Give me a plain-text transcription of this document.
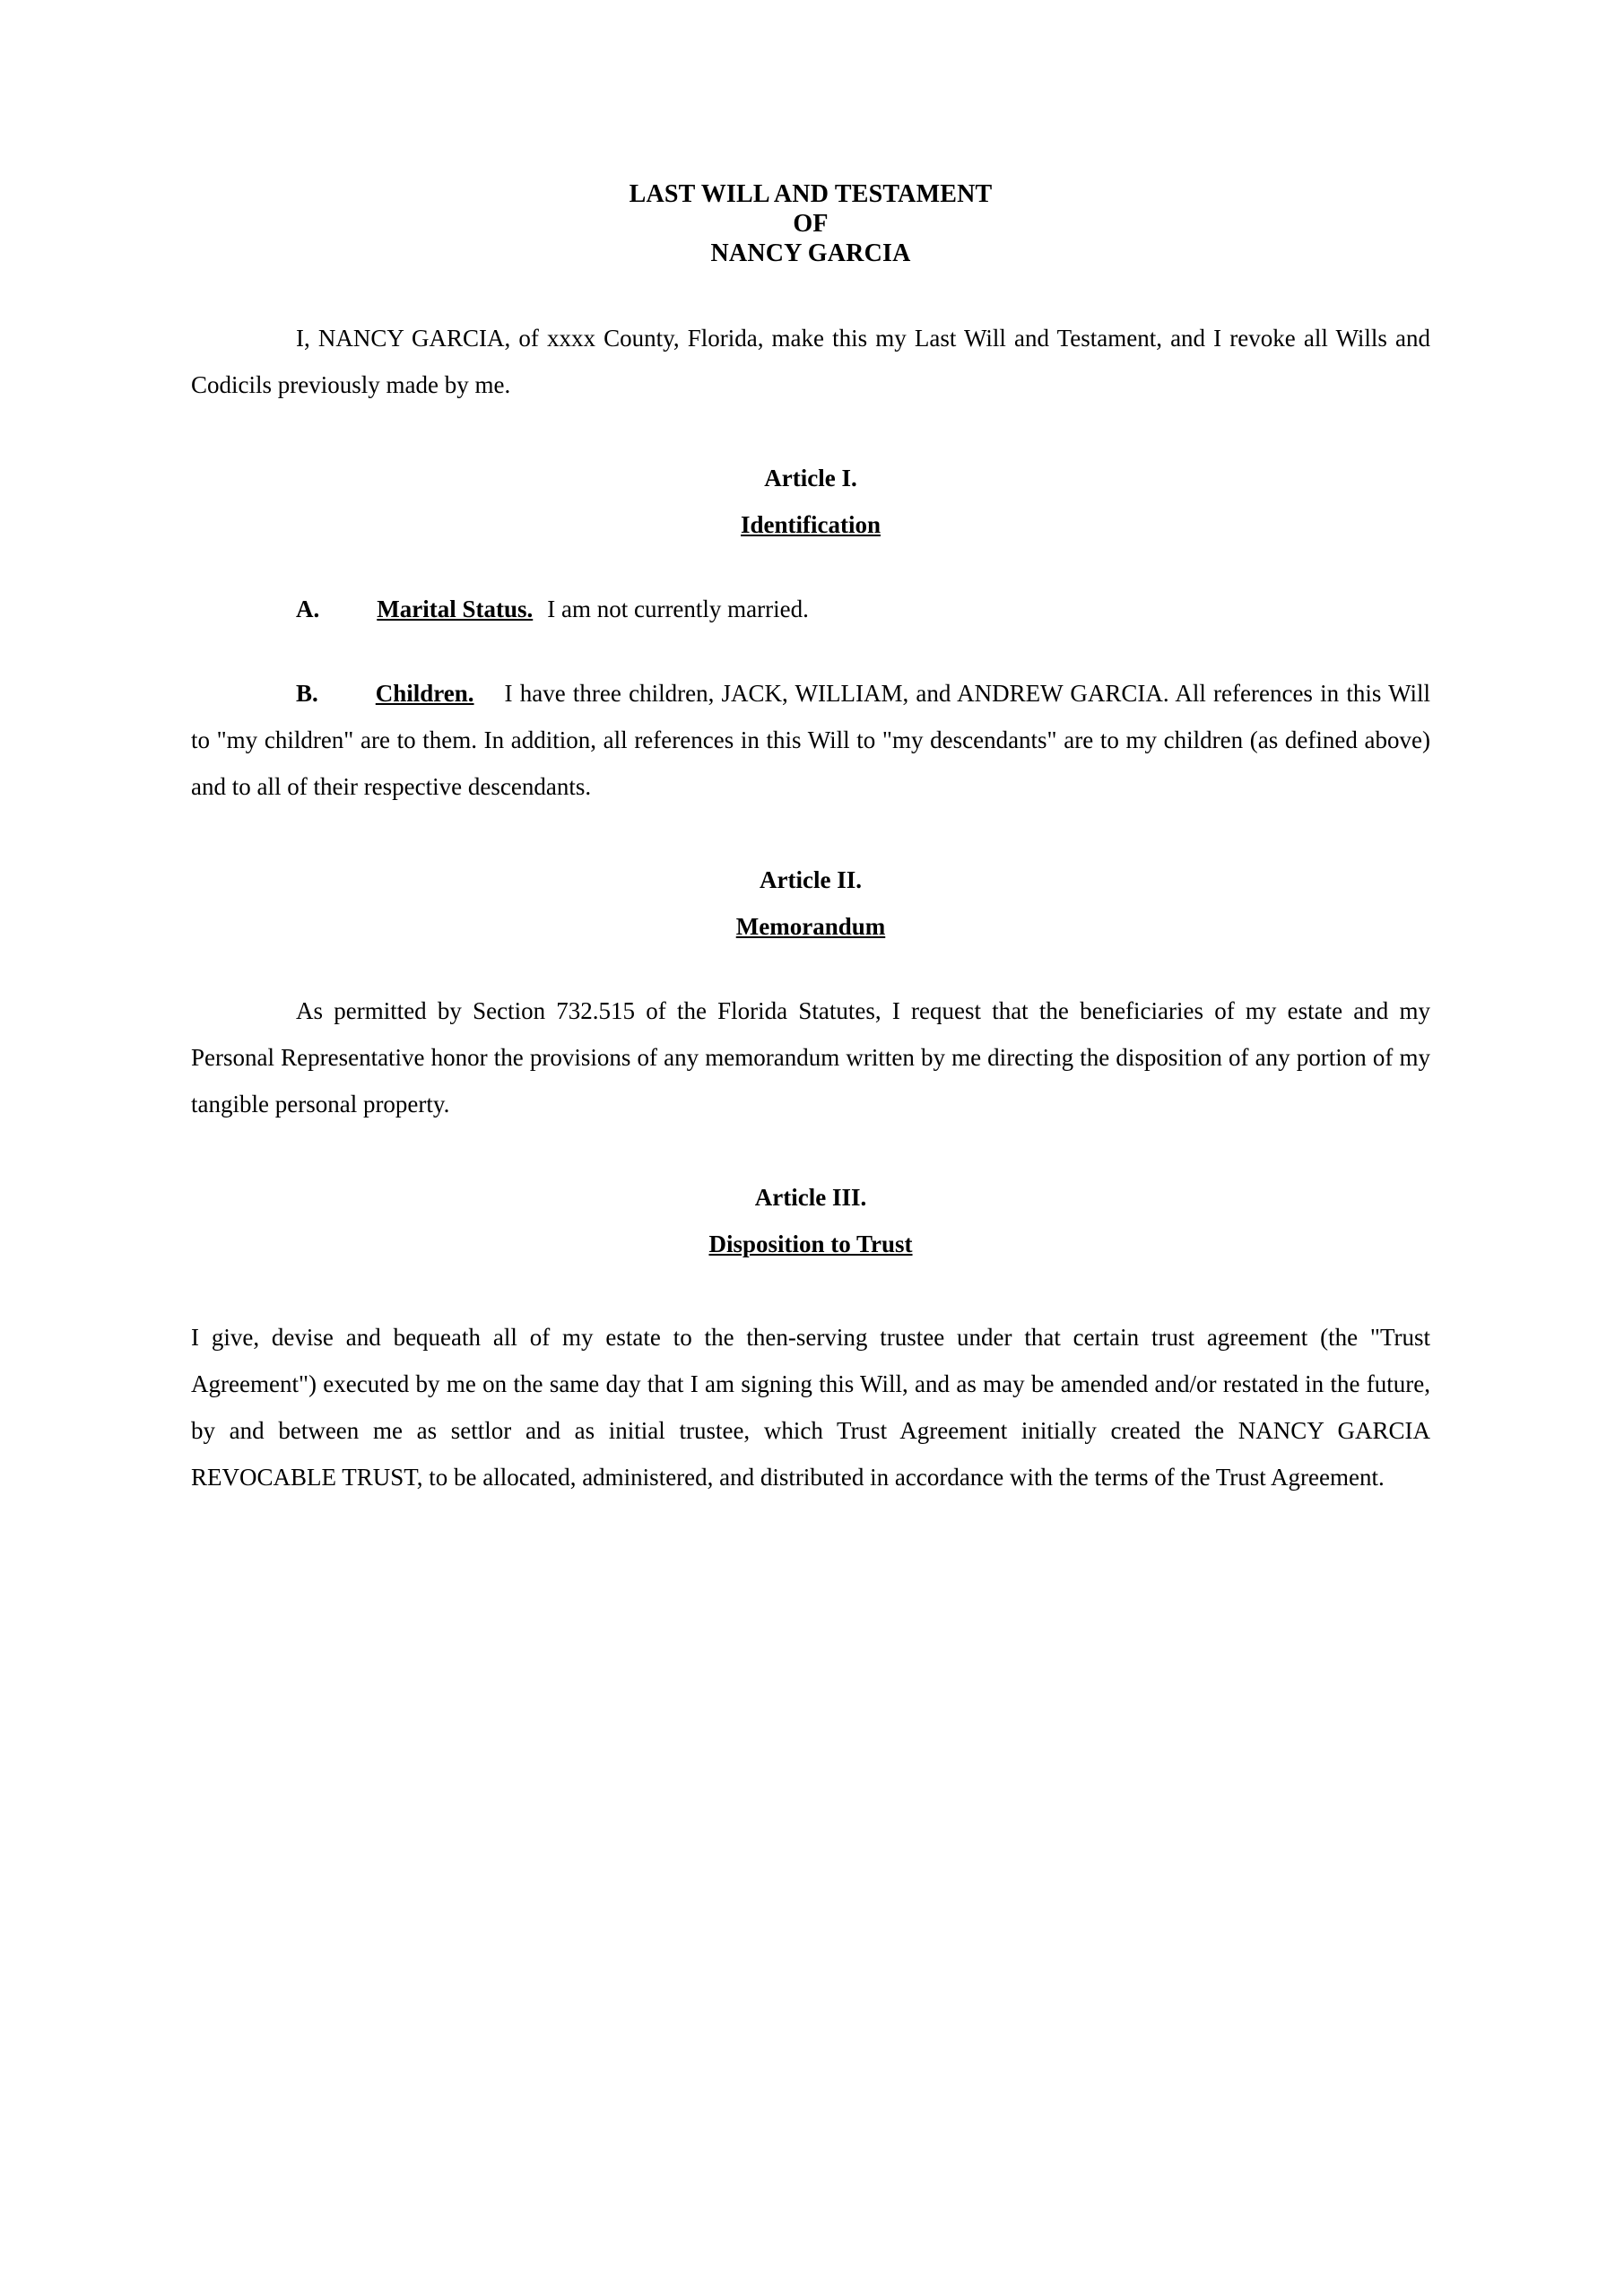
LAST WILL AND TESTAMENT
OF
NANCY GARCIA

I, NANCY GARCIA, of xxxx County, Florida, make this my Last Will and Testament, and I revoke all Wills and Codicils previously made by me.

Article I.
Identification

A. Marital Status. I am not currently married.

B. Children. I have three children, JACK, WILLIAM, and ANDREW GARCIA. All references in this Will to "my children" are to them. In addition, all references in this Will to "my descendants" are to my children (as defined above) and to all of their respective descendants.

Article II.
Memorandum

As permitted by Section 732.515 of the Florida Statutes, I request that the beneficiaries of my estate and my Personal Representative honor the provisions of any memorandum written by me directing the disposition of any portion of my tangible personal property.

Article III.
Disposition to Trust

I give, devise and bequeath all of my estate to the then-serving trustee under that certain trust agreement (the "Trust Agreement") executed by me on the same day that I am signing this Will, and as may be amended and/or restated in the future, by and between me as settlor and as initial trustee, which Trust Agreement initially created the NANCY GARCIA REVOCABLE TRUST, to be allocated, administered, and distributed in accordance with the terms of the Trust Agreement.
